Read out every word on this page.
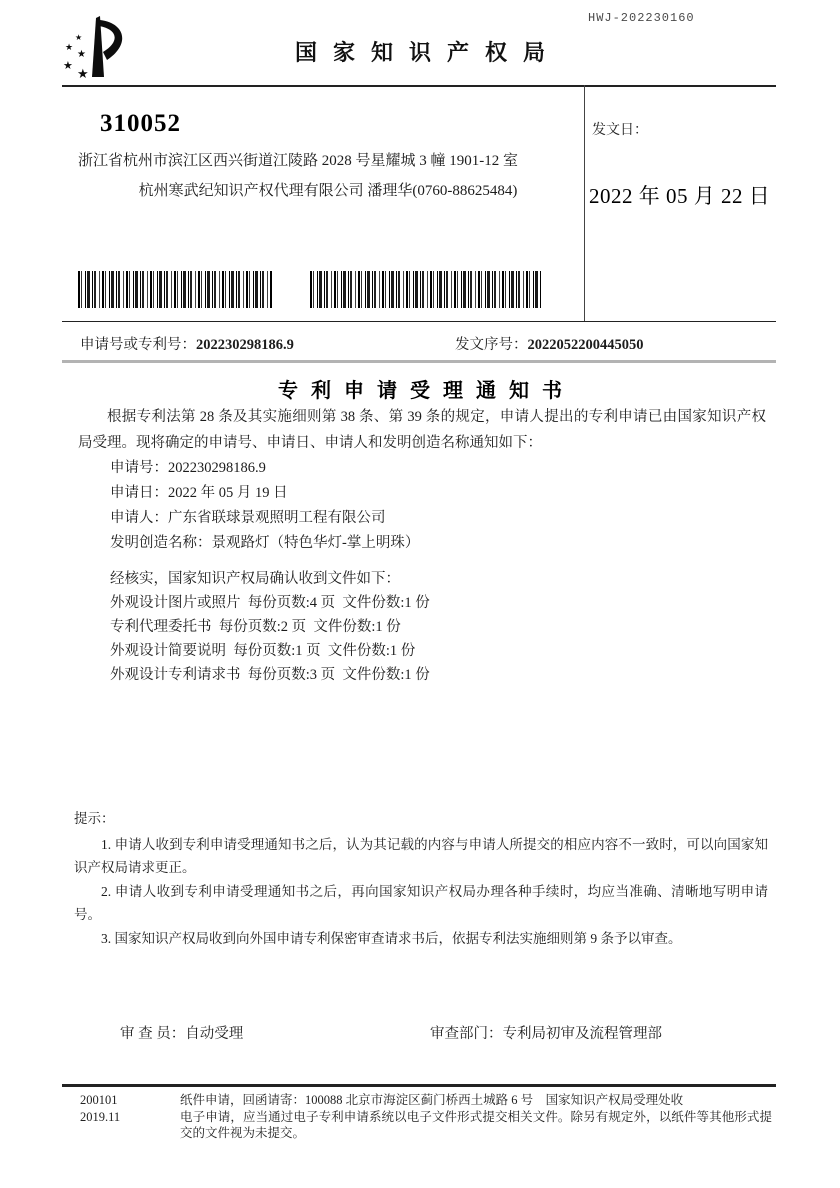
★
★
★
★ ★
HWJ-202230160
国家知识产权局
310052
浙江省杭州市滨江区西兴街道江陵路 2028 号星耀城 3 幢 1901-12 室
杭州寒武纪知识产权代理有限公司 潘理华(0760-88625484)
发文日：
2022 年 05 月 22 日
申请号或专利号：202230298186.9	发文序号：2022052200445050
专利申请受理通知书
根据专利法第 28 条及其实施细则第 38 条、第 39 条的规定，申请人提出的专利申请已由国家知识产权局受理。现将确定的申请号、申请日、申请人和发明创造名称通知如下：
申请号：202230298186.9
申请日：2022 年 05 月 19 日
申请人：广东省联球景观照明工程有限公司
发明创造名称：景观路灯（特色华灯-掌上明珠）
经核实，国家知识产权局确认收到文件如下：
外观设计图片或照片  每份页数:4 页  文件份数:1 份
专利代理委托书  每份页数:2 页  文件份数:1 份
外观设计简要说明  每份页数:1 页  文件份数:1 份
外观设计专利请求书  每份页数:3 页  文件份数:1 份
提示：

1. 申请人收到专利申请受理通知书之后，认为其记载的内容与申请人所提交的相应内容不一致时，可以向国家知识产权局请求更正。

2. 申请人收到专利申请受理通知书之后，再向国家知识产权局办理各种手续时，均应当准确、清晰地写明申请号。

3. 国家知识产权局收到向外国申请专利保密审查请求书后，依据专利法实施细则第 9 条予以审查。

审 查 员：自动受理	审查部门：专利局初审及流程管理部
200101
2019.11
纸件申请，回函请寄：100088 北京市海淀区蓟门桥西土城路 6 号　国家知识产权局受理处收
电子申请，应当通过电子专利申请系统以电子文件形式提交相关文件。除另有规定外，以纸件等其他形式提交的文件视为未提交。
